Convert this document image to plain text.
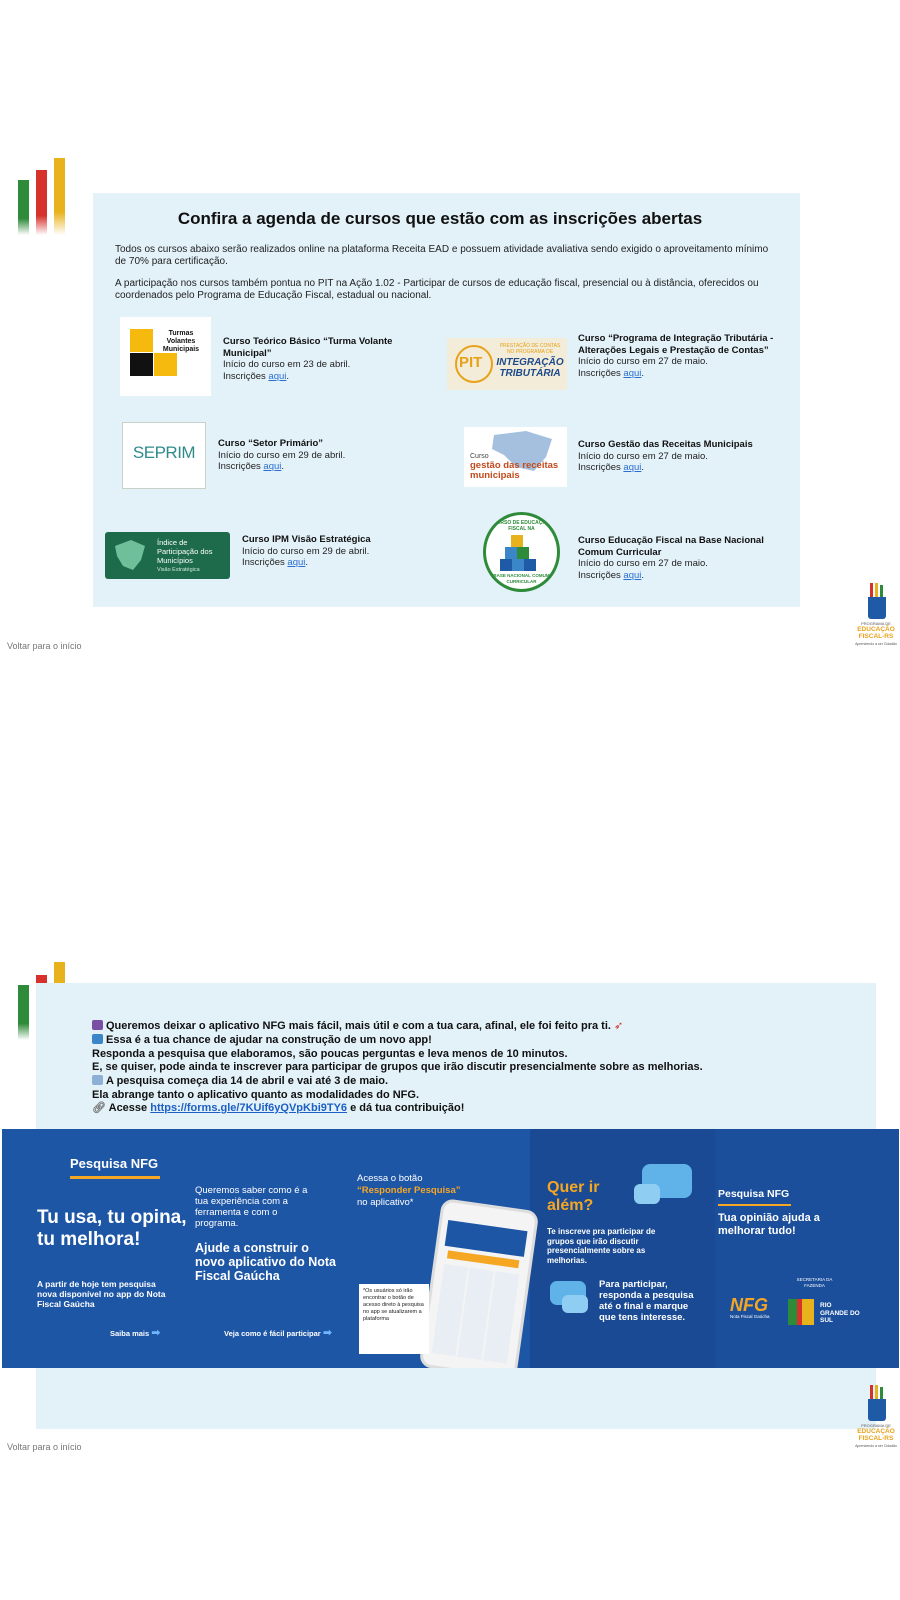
Confira a agenda de cursos que estão com as inscrições abertas
Todos os cursos abaixo serão realizados online na plataforma Receita EAD e possuem atividade avaliativa sendo exigido o aproveitamento mínimo de 70% para certificação.
A participação nos cursos também pontua no PIT na Ação 1.02 - Participar de cursos de educação fiscal, presencial ou à distância, oferecidos ou coordenados pelo Programa de Educação Fiscal, estadual ou nacional.
Turmas Volantes Municipais
Curso Teórico Básico “Turma Volante Municipal”
Início do curso em 23 de abril.
Inscrições aqui.
PIT
PRESTAÇÃO DE CONTAS NO PROGRAMA DE
INTEGRAÇÃO TRIBUTÁRIA
Curso “Programa de Integração Tributária - Alterações Legais e Prestação de Contas”
Início do curso em 27 de maio.
Inscrições aqui.
SEPRIM	Curso “Setor Primário”
Início do curso em 29 de abril.
Inscrições aqui.
Curso
gestão das receitas municipais
Curso Gestão das Receitas Municipais
Início do curso em 27 de maio.
Inscrições aqui.
Índice de Participação dos Municípios
Visão Estratégica
Curso IPM Visão Estratégica
Início do curso em 29 de abril.
Inscrições aqui.
CURSO DE EDUCAÇÃO FISCAL NA
BASE NACIONAL COMUM CURRICULAR
Curso Educação Fiscal na Base Nacional Comum Curricular
Início do curso em 27 de maio.
Inscrições aqui.
Voltar para o início
PROGRAMA DE
EDUCAÇÃO FISCAL-RS
Aprendendo a ser Cidadão
Queremos deixar o aplicativo NFG mais fácil, mais útil e com a tua cara, afinal, ele foi feito pra ti. ➶
Essa é a tua chance de ajudar na construção de um novo app!
Responda a pesquisa que elaboramos, são poucas perguntas e leva menos de 10 minutos.
E, se quiser, pode ainda te inscrever para participar de grupos que irão discutir presencialmente sobre as melhorias.
A pesquisa começa dia 14 de abril e vai até 3 de maio.
Ela abrange tanto o aplicativo quanto as modalidades do NFG.
🔗︎ Acesse https://forms.gle/7KUif6yQVpKbi9TY6 e dá tua contribuição!
Pesquisa NFG
Tu usa, tu opina, tu melhora!
A partir de hoje tem pesquisa nova disponível no app do Nota Fiscal Gaúcha
Saiba mais ➡
Queremos saber como é a tua experiência com a ferramenta e com o programa.
Ajude a construir o novo aplicativo do Nota Fiscal Gaúcha
Veja como é fácil participar ➡
Acessa o botão
“Responder Pesquisa”
no aplicativo*
*Os usuários só irão encontrar o botão de acesso direto à pesquisa no app se atualizarem a plataforma
Quer ir além?
Te inscreve pra participar de grupos que irão discutir presencialmente sobre as melhorias.
Para participar, responda a pesquisa até o final e marque que tens interesse.
Pesquisa NFG
Tua opinião ajuda a melhorar tudo!
SECRETARIA DA FAZENDA
NFG
Nota Fiscal Gaúcha
RIO GRANDE DO SUL
Voltar para o início
PROGRAMA DE
EDUCAÇÃO FISCAL-RS
Aprendendo a ser Cidadão
